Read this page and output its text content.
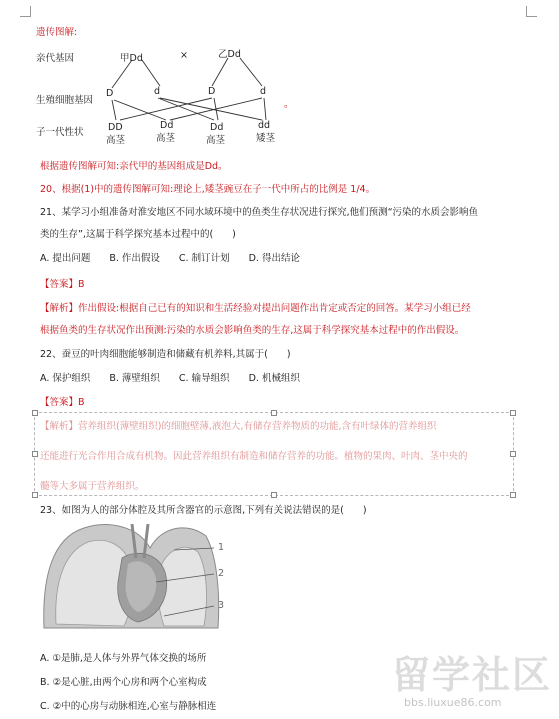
遗传图解:
亲代基因
生殖细胞基因
子一代性状
甲Dd	×	乙Dd
D	d	D	d
。
DD
高茎
Dd
高茎
Dd
高茎
dd
矮茎
根据遗传图解可知:亲代甲的基因组成是Dd。
20、根据(1)中的遗传图解可知:理论上,矮茎豌豆在子一代中所占的比例是 1/4。
21、某学习小组准备对淮安地区不同水域环境中的鱼类生存状况进行探究,他们预测“污染的水质会影响鱼
类的生存”,这属于科学探究基本过程中的(　　)
A. 提出问题　　B. 作出假设　　C. 制订计划　　D. 得出结论
【答案】B
【解析】作出假设:根据自己已有的知识和生活经验对提出问题作出肯定或否定的回答。某学习小组已经
根据鱼类的生存状况作出预测:污染的水质会影响鱼类的生存,这属于科学探究基本过程中的作出假设。
22、蚕豆的叶肉细胞能够制造和储藏有机养料,其属于(　　)
A. 保护组织　　B. 薄壁组织　　C. 输导组织　　D. 机械组织
【答案】B
【解析】营养组织(薄壁组织)的细胞壁薄,液泡大,有储存营养物质的功能,含有叶绿体的营养组织
还能进行光合作用合成有机物。因此营养组织有制造和储存营养的功能。植物的果肉、叶肉、茎中央的
髓等大多属于营养组织。
23、如图为人的部分体腔及其所含器官的示意图,下列有关说法错误的是(　　)
1
2
3
A. ①是肺,是人体与外界气体交换的场所
B. ②是心脏,由两个心房和两个心室构成
C. ②中的心房与动脉相连,心室与静脉相连
留学社区
bbs.liuxue86.com
